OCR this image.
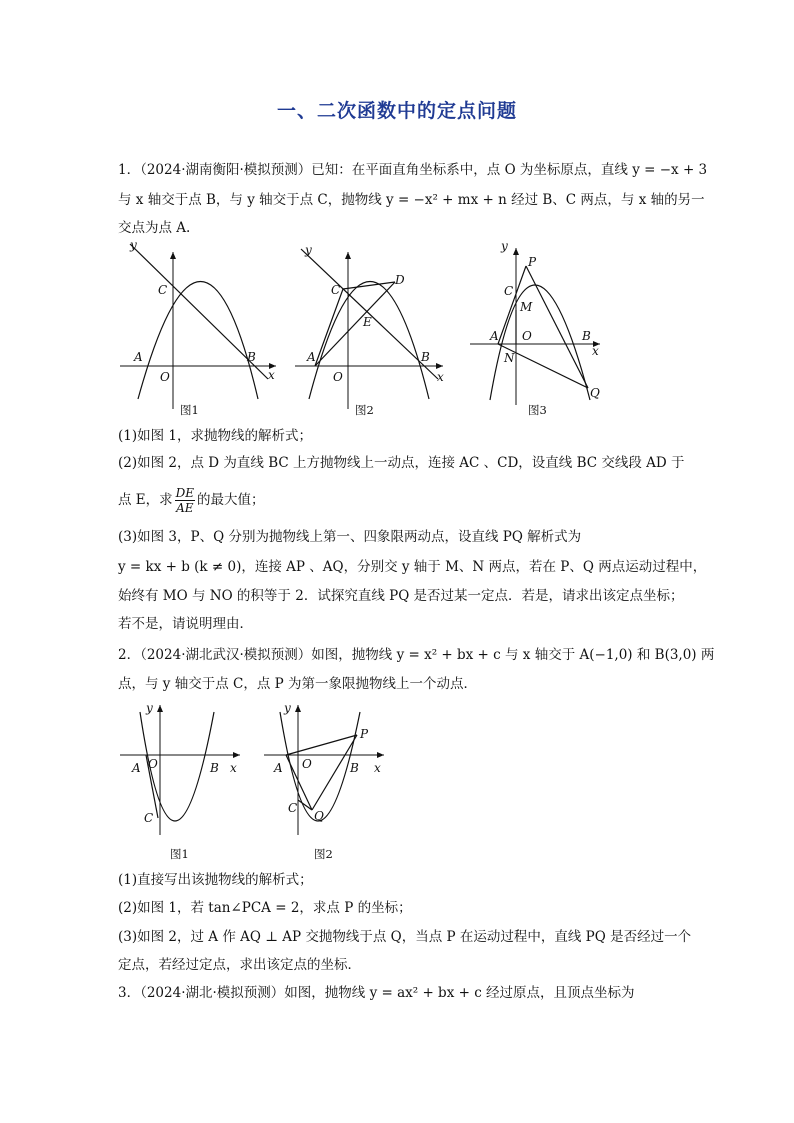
一、二次函数中的定点问题
1．（2024·湖南衡阳·模拟预测）已知：在平面直角坐标系中，点 O 为坐标原点，直线 y = −x + 3
与 x 轴交于点 B，与 y 轴交于点 C，抛物线 y = −x² + mx + n 经过 B、C 两点，与 x 轴的另一
交点为点 A.
y
x
C
A	B
O
图1
y
x
C
D
E
A	B
O
图2
y
x
P
C
M
A O	B
N
Q
图3
(1)如图 1，求抛物线的解析式；
(2)如图 2，点 D 为直线 BC 上方抛物线上一动点，连接 AC 、CD，设直线 BC 交线段 AD 于
点 E，求 $\frac{DE}{AE}$ 的最大值；
(3)如图 3，P、Q 分别为抛物线上第一、四象限两动点，设直线 PQ 解析式为
y = kx + b (k ≠ 0)，连接 AP 、AQ，分别交 y 轴于 M、N 两点，若在 P、Q 两点运动过程中，
始终有 MO 与 NO 的积等于 2．试探究直线 PQ 是否过某一定点．若是，请求出该定点坐标；
若不是，请说明理由．
2．（2024·湖北武汉·模拟预测）如图，抛物线 y = x² + bx + c 与 x 轴交于 A(−1,0) 和 B(3,0) 两
点，与 y 轴交于点 C，点 P 为第一象限抛物线上一个动点．
y
x
A O	B
C
图1
y
x
A O	B
P
C
Q
图2
(1)直接写出该抛物线的解析式；
(2)如图 1，若 tan∠PCA = 2，求点 P 的坐标；
(3)如图 2，过 A 作 AQ ⊥ AP 交抛物线于点 Q，当点 P 在运动过程中，直线 PQ 是否经过一个
定点，若经过定点，求出该定点的坐标．
3．（2024·湖北·模拟预测）如图，抛物线 y = ax² + bx + c 经过原点，且顶点坐标为
